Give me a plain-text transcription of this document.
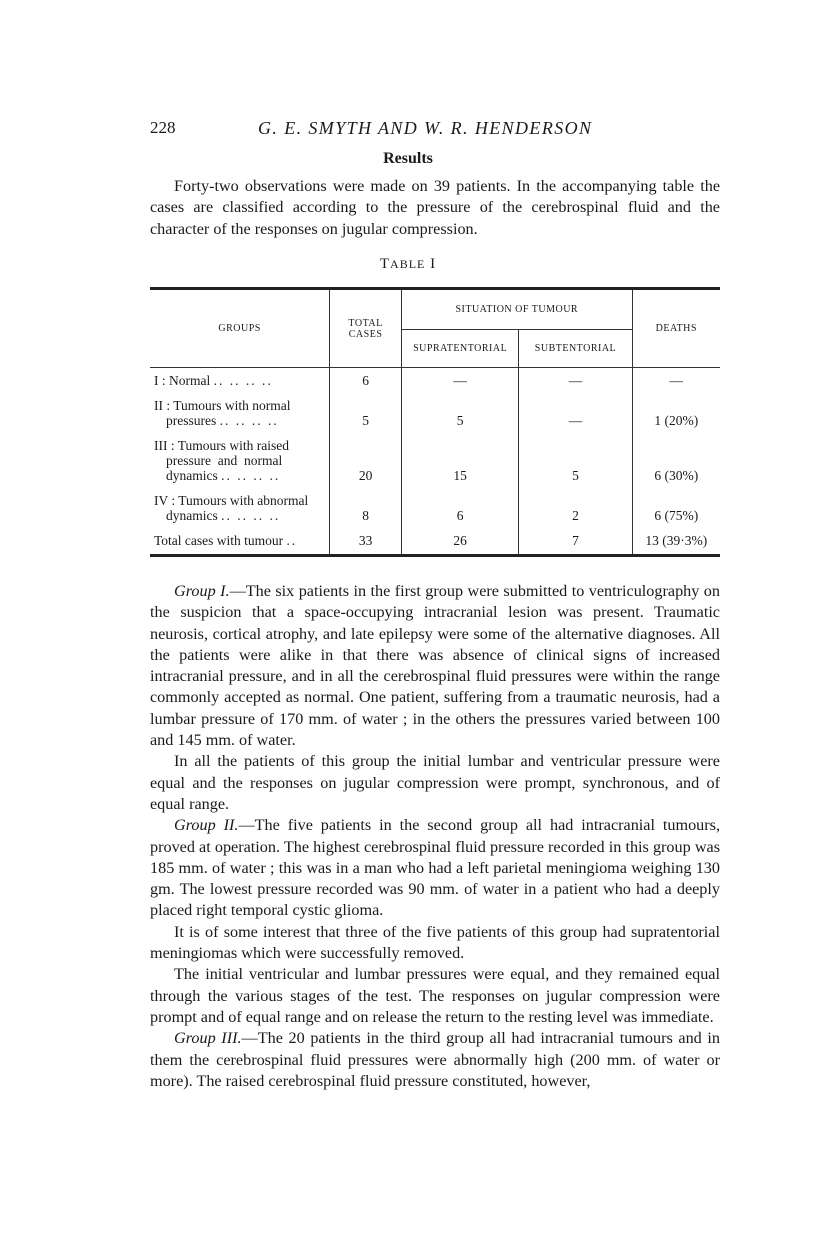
228	G. E. SMYTH AND W. R. HENDERSON
Results

Forty-two observations were made on 39 patients. In the accompanying table the cases are classified according to the pressure of the cerebrospinal fluid and the character of the responses on jugular compression.

TABLE I
GROUPS	TOTAL CASES	SITUATION OF TUMOUR		DEATHS
		SUPRATENTORIAL	SUBTENTORIAL	
I : Normal .. .. .. ..	6	—	—	—
II : Tumours with normal
pressures .. .. .. ..	5	5	—	1 (20%)
III : Tumours with raised
pressure  and  normal
dynamics .. .. .. ..	20	15	5	6 (30%)
IV : Tumours with abnormal
dynamics .. .. .. ..	8	6	2	6 (75%)
Total cases with tumour ..	33	26	7	13 (39·3%)

Group I.—The six patients in the first group were submitted to ventriculography on the suspicion that a space-occupying intracranial lesion was present. Traumatic neurosis, cortical atrophy, and late epilepsy were some of the alternative diagnoses. All the patients were alike in that there was absence of clinical signs of increased intracranial pressure, and in all the cerebrospinal fluid pressures were within the range commonly accepted as normal. One patient, suffering from a traumatic neurosis, had a lumbar pressure of 170 mm. of water ; in the others the pressures varied between 100 and 145 mm. of water.

In all the patients of this group the initial lumbar and ventricular pressure were equal and the responses on jugular compression were prompt, synchronous, and of equal range.

Group II.—The five patients in the second group all had intracranial tumours, proved at operation. The highest cerebrospinal fluid pressure recorded in this group was 185 mm. of water ; this was in a man who had a left parietal meningioma weighing 130 gm. The lowest pressure recorded was 90 mm. of water in a patient who had a deeply placed right temporal cystic glioma.

It is of some interest that three of the five patients of this group had supratentorial meningiomas which were successfully removed.

The initial ventricular and lumbar pressures were equal, and they remained equal through the various stages of the test. The responses on jugular compression were prompt and of equal range and on release the return to the resting level was immediate.

Group III.—The 20 patients in the third group all had intracranial tumours and in them the cerebrospinal fluid pressures were abnormally high (200 mm. of water or more). The raised cerebrospinal fluid pressure constituted, however,
